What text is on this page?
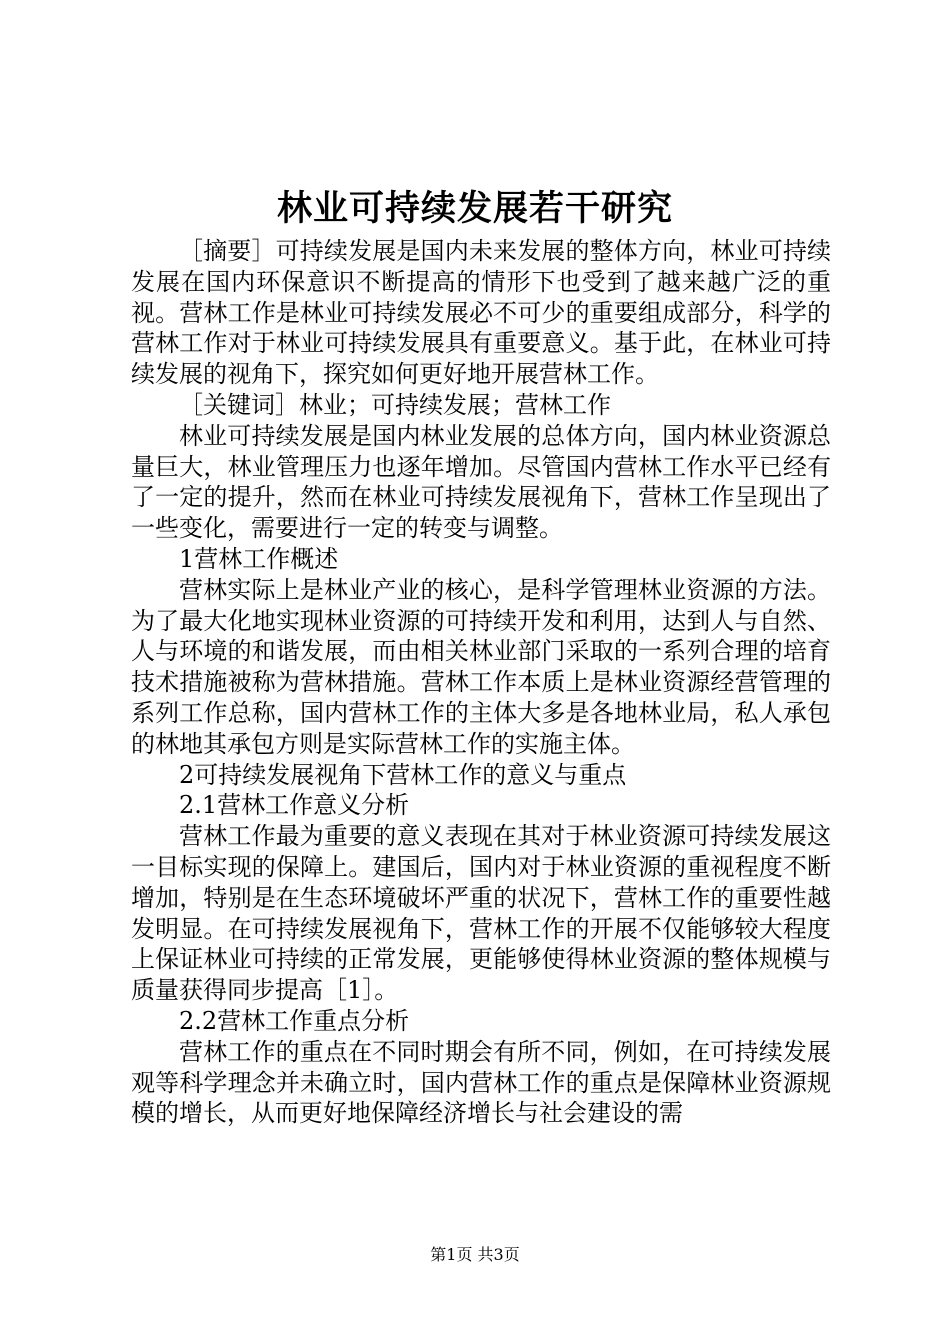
林业可持续发展若干研究

［摘要］可持续发展是国内未来发展的整体方向，林业可持续发展在国内环保意识不断提高的情形下也受到了越来越广泛的重视。营林工作是林业可持续发展必不可少的重要组成部分，科学的营林工作对于林业可持续发展具有重要意义。基于此，在林业可持续发展的视角下，探究如何更好地开展营林工作。

［关键词］林业；可持续发展；营林工作

林业可持续发展是国内林业发展的总体方向，国内林业资源总量巨大，林业管理压力也逐年增加。尽管国内营林工作水平已经有了一定的提升，然而在林业可持续发展视角下，营林工作呈现出了一些变化，需要进行一定的转变与调整。

1营林工作概述

营林实际上是林业产业的核心，是科学管理林业资源的方法。为了最大化地实现林业资源的可持续开发和利用，达到人与自然、人与环境的和谐发展，而由相关林业部门采取的一系列合理的培育技术措施被称为营林措施。营林工作本质上是林业资源经营管理的系列工作总称，国内营林工作的主体大多是各地林业局，私人承包的林地其承包方则是实际营林工作的实施主体。

2可持续发展视角下营林工作的意义与重点

2.1营林工作意义分析

营林工作最为重要的意义表现在其对于林业资源可持续发展这一目标实现的保障上。建国后，国内对于林业资源的重视程度不断增加，特别是在生态环境破坏严重的状况下，营林工作的重要性越发明显。在可持续发展视角下，营林工作的开展不仅能够较大程度上保证林业可持续的正常发展，更能够使得林业资源的整体规模与质量获得同步提高［1］。

2.2营林工作重点分析

营林工作的重点在不同时期会有所不同，例如，在可持续发展观等科学理念并未确立时，国内营林工作的重点是保障林业资源规模的增长，从而更好地保障经济增长与社会建设的需

第1页 共3页
